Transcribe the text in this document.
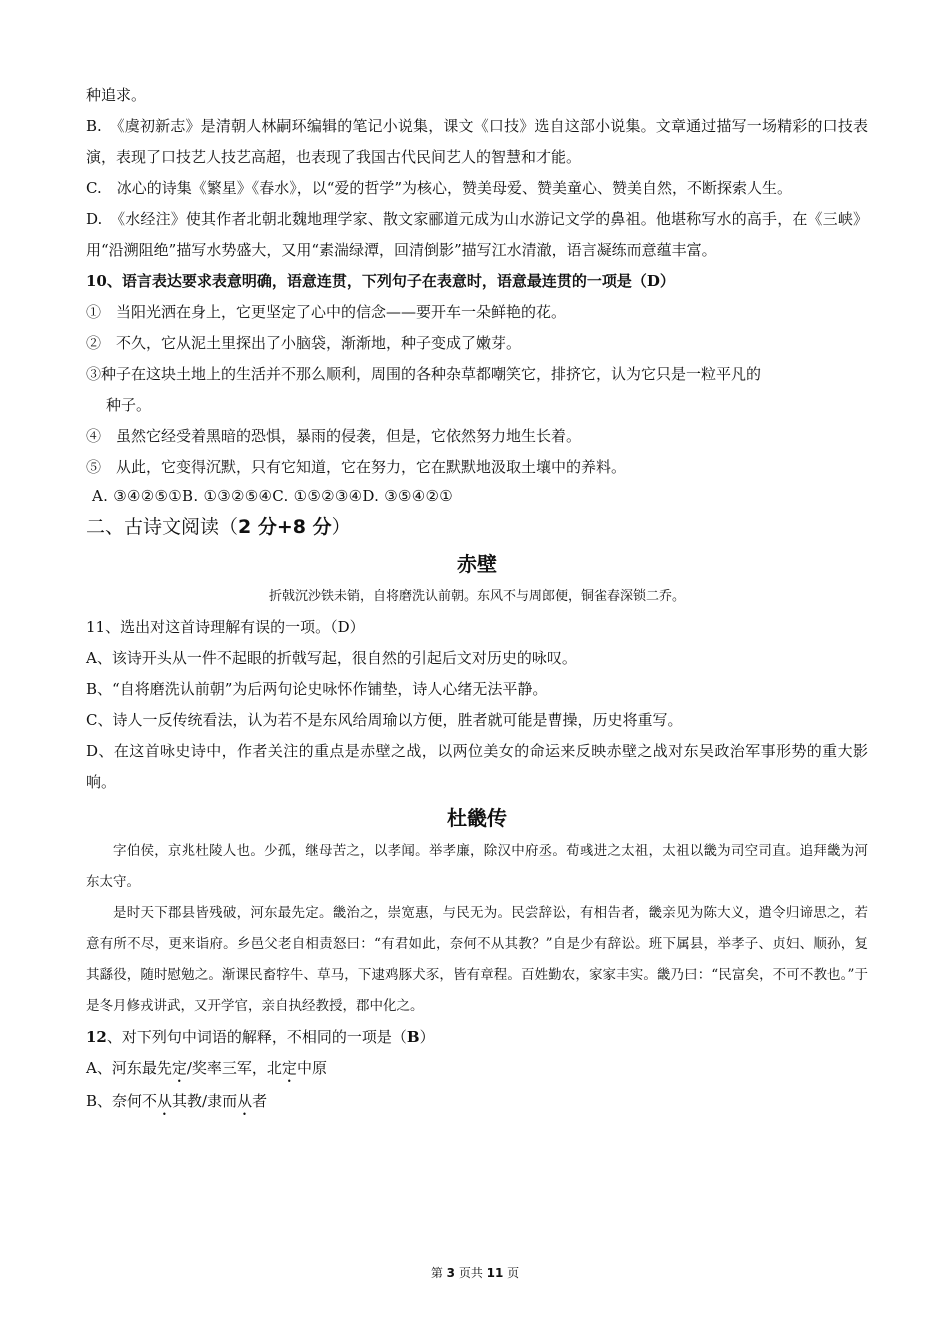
种追求。

B.　《虞初新志》是清朝人林嗣环编辑的笔记小说集，课文《口技》选自这部小说集。文章通过描写一场精彩的口技表演，表现了口技艺人技艺高超，也表现了我国古代民间艺人的智慧和才能。

C.　冰心的诗集《繁星》《春水》，以“爱的哲学”为核心，赞美母爱、赞美童心、赞美自然，不断探索人生。

D.　《水经注》使其作者北朝北魏地理学家、散文家郦道元成为山水游记文学的鼻祖。他堪称写水的高手，在《三峡》用“沿溯阻绝”描写水势盛大，又用“素湍绿潭，回清倒影”描写江水清澈，语言凝练而意蕴丰富。

10、语言表达要求表意明确，语意连贯，下列句子在表意时，语意最连贯的一项是（D）

①　当阳光洒在身上，它更坚定了心中的信念——要开车一朵鲜艳的花。

②　不久，它从泥土里探出了小脑袋，渐渐地，种子变成了嫩芽。

③种子在这块土地上的生活并不那么顺利，周围的各种杂草都嘲笑它，排挤它，认为它只是一粒平凡的

种子。

④　虽然它经受着黑暗的恐惧，暴雨的侵袭，但是，它依然努力地生长着。

⑤　从此，它变得沉默，只有它知道，它在努力，它在默默地汲取土壤中的养料。

A. ③④②⑤①B. ①③②⑤④C. ①⑤②③④D. ③⑤④②①

二、古诗文阅读（2 分+8 分）

赤壁

折戟沉沙铁未销，自将磨洗认前朝。东风不与周郎便，铜雀春深锁二乔。

11、选出对这首诗理解有误的一项。（D）

A、该诗开头从一件不起眼的折戟写起，很自然的引起后文对历史的咏叹。

B、“自将磨洗认前朝”为后两句论史咏怀作铺垫，诗人心绪无法平静。

C、诗人一反传统看法，认为若不是东风给周瑜以方便，胜者就可能是曹操，历史将重写。

D、在这首咏史诗中，作者关注的重点是赤壁之战，以两位美女的命运来反映赤壁之战对东吴政治军事形势的重大影响。

杜畿传

字伯侯，京兆杜陵人也。少孤，继母苦之，以孝闻。举孝廉，除汉中府丞。荀彧进之太祖，太祖以畿为司空司直。追拜畿为河东太守。

是时天下郡县皆残破，河东最先定。畿治之，崇宽惠，与民无为。民尝辞讼，有相告者，畿亲见为陈大义，遣令归谛思之，若意有所不尽，更来诣府。乡邑父老自相责怒曰：“有君如此，奈何不从其教？”自是少有辞讼。班下属县，举孝子、贞妇、顺孙，复其繇役，随时慰勉之。渐课民畜牸牛、草马，下逮鸡豚犬豕，皆有章程。百姓勤农，家家丰实。畿乃曰：“民富矣，不可不教也。”于是冬月修戎讲武，又开学官，亲自执经教授，郡中化之。

12、对下列句中词语的解释，不相同的一项是（B）

A、河东最先定/奖率三军，北定中原

B、奈何不从其教/隶而从者

第 3 页共 11 页
